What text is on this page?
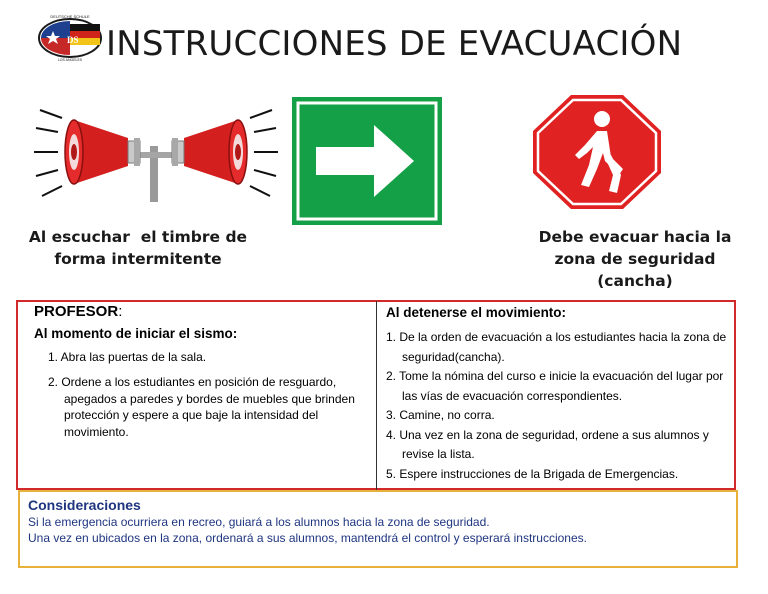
DS
DEUTSCHE SCHULE
LOS ANGELES INSTRUCCIONES DE EVACUACIÓN
Al escuchar  el timbre de
forma intermitente
Debe evacuar hacia la
zona de seguridad
(cancha)
PROFESOR:
Al momento de iniciar el sismo:
1. Abra las puertas de la sala.
2. Ordene a los estudiantes en posición de resguardo, apegados a paredes y bordes de muebles que brinden protección y espere a que baje la intensidad del movimiento.
Al detenerse el movimiento:
1. De la orden de evacuación a los estudiantes hacia la zona de seguridad(cancha).
2. Tome la nómina del curso e inicie la evacuación del lugar por las vías de evacuación correspondientes.
3. Camine, no corra.
4. Una vez en la zona de seguridad, ordene a sus alumnos y revise la lista.
5. Espere instrucciones de la Brigada de Emergencias.
Consideraciones
Si la emergencia ocurriera en recreo, guiará a los alumnos hacia la zona de seguridad.
Una vez en ubicados en la zona, ordenará a sus alumnos, mantendrá el control y esperará instrucciones.
